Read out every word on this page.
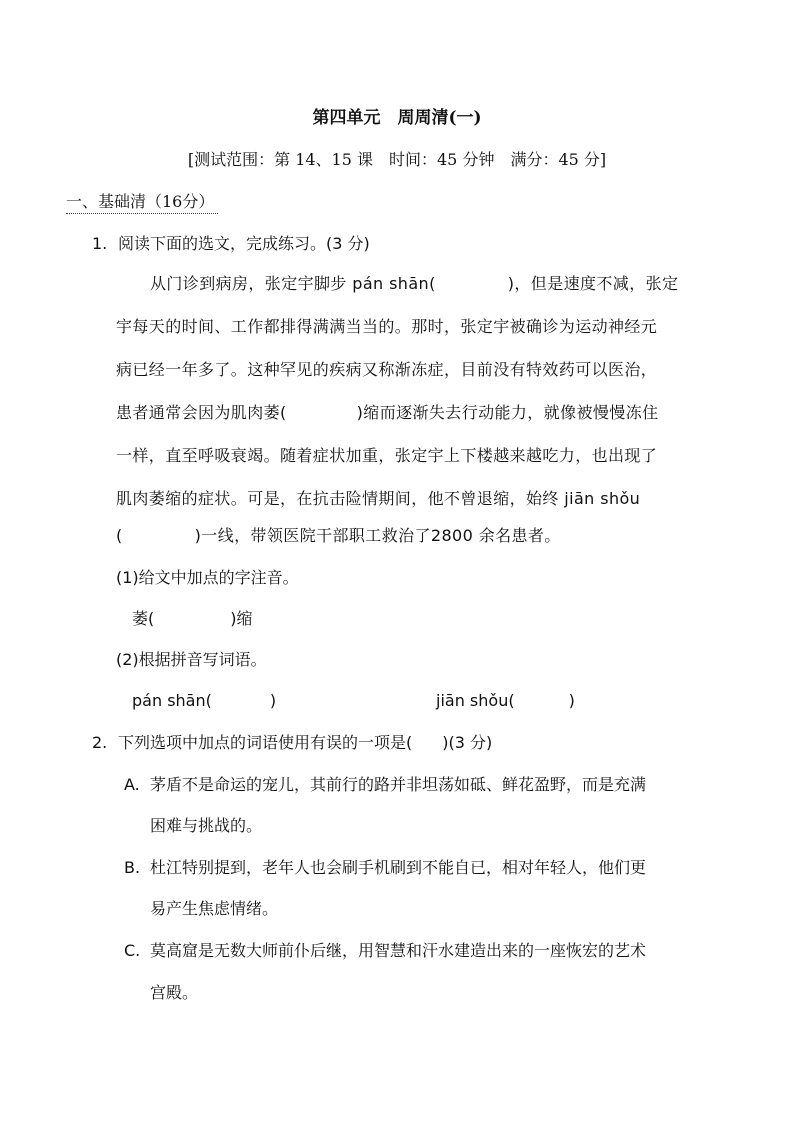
第四单元　周周清(一)
[测试范围：第 14、15 课　时间：45 分钟　满分：45 分]
一、基础清（16分）
1. 阅读下面的选文，完成练习。(3 分)
从门诊到病房，张定宇脚步 pán shān(	)，但是速度不减，张定
宇每天的时间、工作都排得满满当当的。那时，张定宇被确诊为运动神经元
病已经一年多了。这种罕见的疾病又称渐冻症，目前没有特效药可以医治，
患者通常会因为肌肉萎(	)缩而逐渐失去行动能力，就像被慢慢冻住
一样，直至呼吸衰竭。随着症状加重，张定宇上下楼越来越吃力，也出现了
肌肉萎缩的症状。可是，在抗击险情期间，他不曾退缩，始终 jiān shǒu
(	)一线，带领医院干部职工救治了2800 余名患者。
(1)给文中加点的字注音。
萎(	)缩
(2)根据拼音写词语。
pán shān(	)	jiān shǒu(	)
2. 下列选项中加点的词语使用有误的一项是( )(3 分)
A. 茅盾不是命运的宠儿，其前行的路并非坦荡如砥、鲜花盈野，而是充满
困难与挑战的。
B. 杜江特别提到，老年人也会刷手机刷到不能自已，相对年轻人，他们更
易产生焦虑情绪。
C. 莫高窟是无数大师前仆后继，用智慧和汗水建造出来的一座恢宏的艺术
宫殿。
